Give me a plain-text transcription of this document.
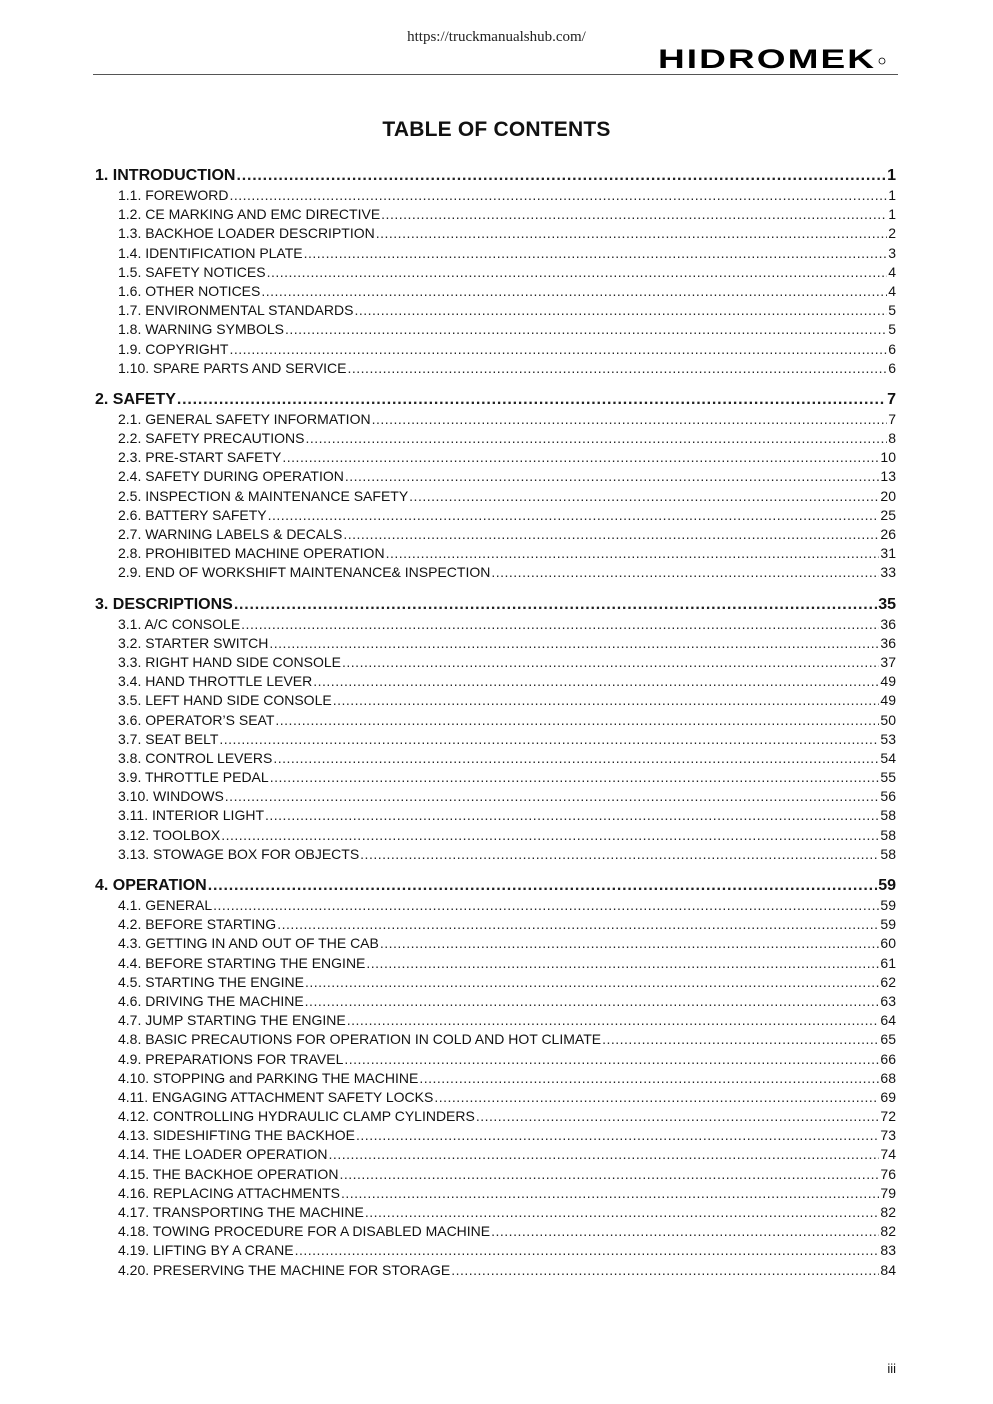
https://truckmanualshub.com/
HIDROMEK
TABLE OF CONTENTS
1. INTRODUCTION .....	1
1.1. FOREWORD .....	1
1.2. CE MARKING AND EMC DIRECTIVE .....	1
1.3. BACKHOE LOADER DESCRIPTION .....	2
1.4. IDENTIFICATION PLATE .....	3
1.5. SAFETY NOTICES .....	4
1.6. OTHER NOTICES .....	4
1.7. ENVIRONMENTAL STANDARDS .....	5
1.8. WARNING SYMBOLS .....	5
1.9. COPYRIGHT .....	6
1.10. SPARE PARTS AND SERVICE .....	6
2. SAFETY .....	7
2.1. GENERAL SAFETY INFORMATION .....	7
2.2. SAFETY PRECAUTIONS .....	8
2.3. PRE-START SAFETY .....	10
2.4. SAFETY DURING OPERATION .....	13
2.5. INSPECTION & MAINTENANCE SAFETY .....	20
2.6. BATTERY SAFETY .....	25
2.7. WARNING LABELS & DECALS .....	26
2.8. PROHIBITED MACHINE OPERATION .....	31
2.9. END OF WORKSHIFT MAINTENANCE& INSPECTION .....	33
3. DESCRIPTIONS .....	35
3.1. A/C CONSOLE .....	36
3.2. STARTER SWITCH .....	36
3.3. RIGHT HAND SIDE CONSOLE .....	37
3.4. HAND THROTTLE LEVER .....	49
3.5. LEFT HAND SIDE CONSOLE .....	49
3.6. OPERATOR’S SEAT .....	50
3.7. SEAT BELT .....	53
3.8. CONTROL LEVERS .....	54
3.9. THROTTLE PEDAL .....	55
3.10. WINDOWS .....	56
3.11. INTERIOR LIGHT .....	58
3.12. TOOLBOX .....	58
3.13. STOWAGE BOX FOR OBJECTS .....	58
4. OPERATION .....	59
4.1. GENERAL .....	59
4.2. BEFORE STARTING .....	59
4.3. GETTING IN AND OUT OF THE CAB .....	60
4.4. BEFORE STARTING THE ENGINE .....	61
4.5. STARTING THE ENGINE .....	62
4.6. DRIVING THE MACHINE .....	63
4.7. JUMP STARTING THE ENGINE .....	64
4.8. BASIC PRECAUTIONS FOR OPERATION IN COLD AND HOT CLIMATE .....	65
4.9. PREPARATIONS FOR TRAVEL .....	66
4.10. STOPPING and PARKING THE MACHINE .....	68
4.11. ENGAGING ATTACHMENT SAFETY LOCKS .....	69
4.12. CONTROLLING HYDRAULIC CLAMP CYLINDERS .....	72
4.13. SIDESHIFTING THE BACKHOE .....	73
4.14. THE LOADER OPERATION .....	74
4.15. THE BACKHOE OPERATION .....	76
4.16. REPLACING ATTACHMENTS .....	79
4.17. TRANSPORTING THE MACHINE .....	82
4.18. TOWING PROCEDURE FOR A DISABLED MACHINE .....	82
4.19. LIFTING BY A CRANE .....	83
4.20. PRESERVING THE MACHINE FOR STORAGE .....	84
iii
